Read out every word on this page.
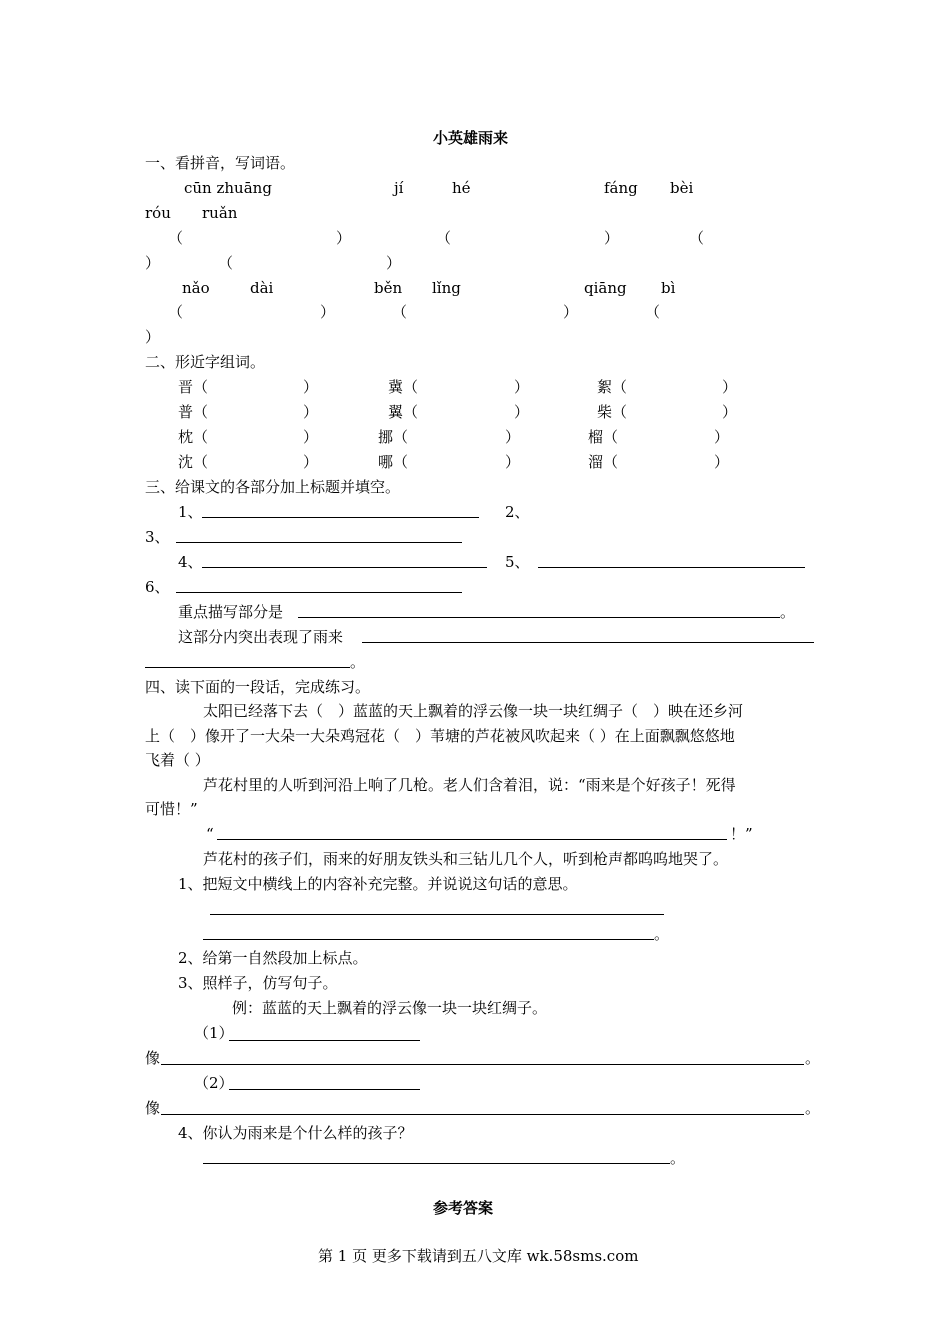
小英雄雨来
一、看拼音，写词语。
cūn zhuāng	jí	hé	fáng bèi
róu ruǎn
（	）	（	）	（
）	（	）
nǎo	dài	běn lǐng	qiāng bì
（	）	（	）	（
）
二、形近字组词。
晋（	）	冀（	）	絮（	）
普（	）	翼（	）	柴（	）
枕（	）	挪（	）	榴（	）
沈（	）	哪（	）	溜（	）
三、给课文的各部分加上标题并填空。
1、	2、
3、
4、	5、
6、
重点描写部分是	。
这部分内突出表现了雨来
。
四、读下面的一段话，完成练习。
太阳已经落下去（　）蓝蓝的天上飘着的浮云像一块一块红绸子（　）映在还乡河
上（　）像开了一大朵一大朵鸡冠花（　）苇塘的芦花被风吹起来（ ）在上面飘飘悠悠地
飞着（ ）
芦花村里的人听到河沿上响了几枪。老人们含着泪，说：“雨来是个好孩子！死得
可惜！”
“	！”
芦花村的孩子们，雨来的好朋友铁头和三钻儿几个人，听到枪声都呜呜地哭了。
1、把短文中横线上的内容补充完整。并说说这句话的意思。
。
2、给第一自然段加上标点。
3、照样子，仿写句子。
例：蓝蓝的天上飘着的浮云像一块一块红绸子。
（1）
像	。
（2）
像	。
4、你认为雨来是个什么样的孩子？
。
参考答案
第 1 页 更多下载请到五八文库 wk.58sms.com
